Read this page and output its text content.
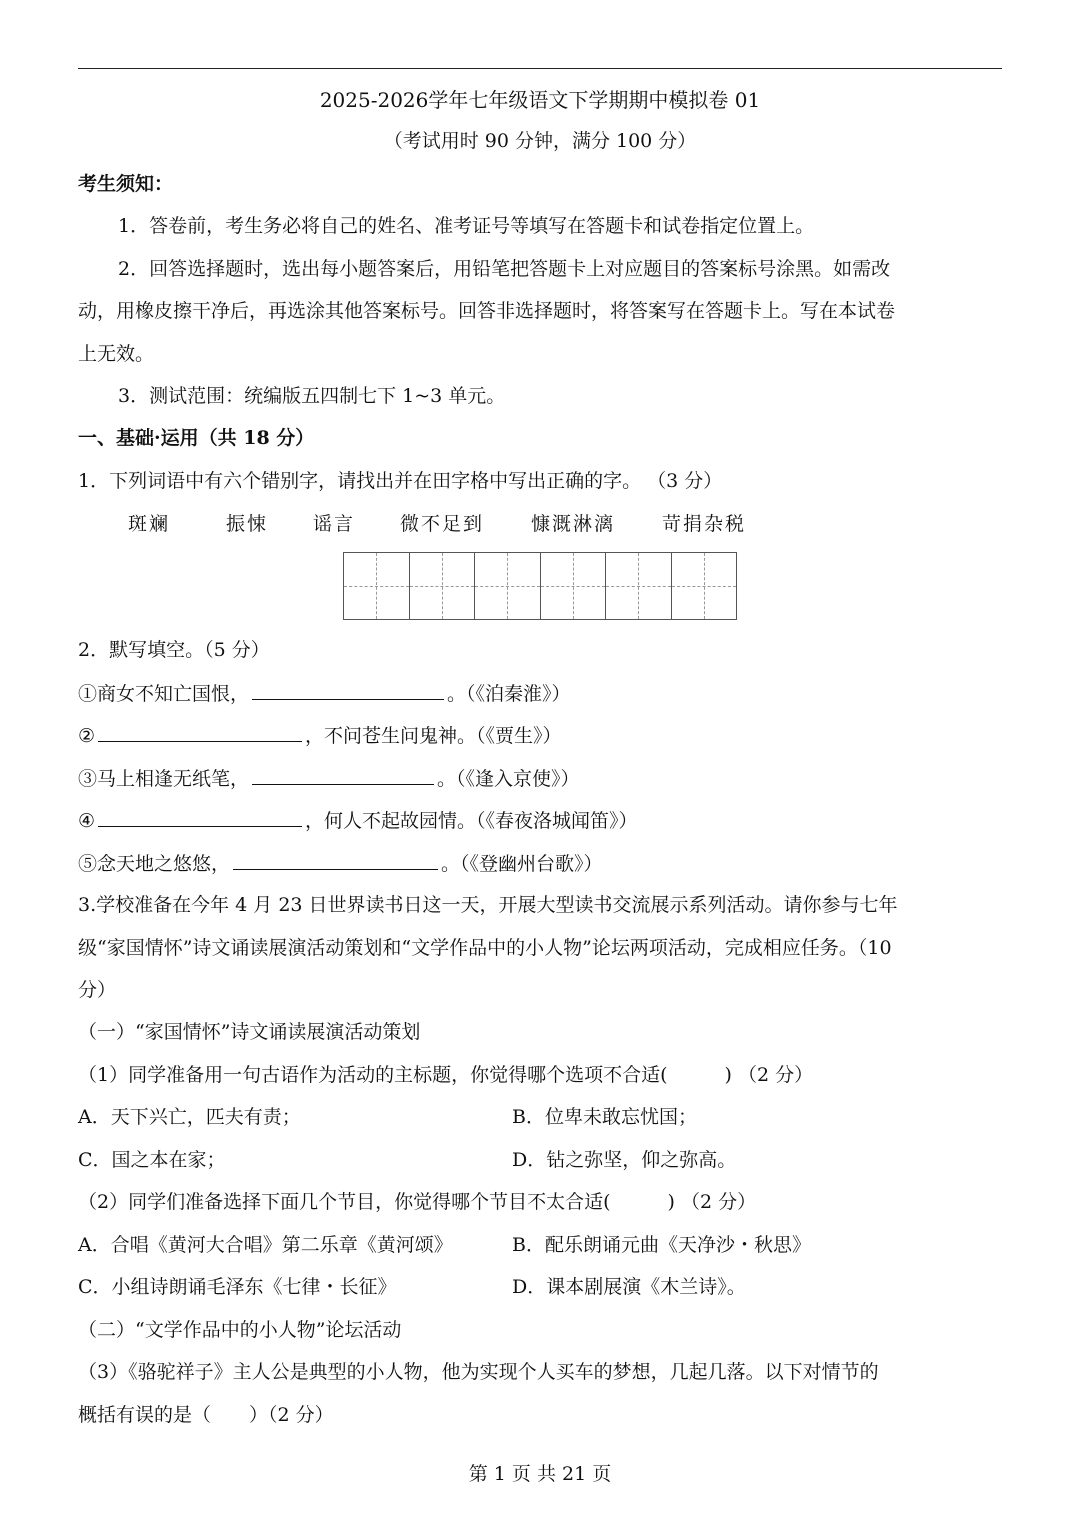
2025-2026学年七年级语文下学期期中模拟卷 01
（考试用时 90 分钟，满分 100 分）
考生须知：
1．答卷前，考生务必将自己的姓名、准考证号等填写在答题卡和试卷指定位置上。
2．回答选择题时，选出每小题答案后，用铅笔把答题卡上对应题目的答案标号涂黑。如需改
动，用橡皮擦干净后，再选涂其他答案标号。回答非选择题时，将答案写在答题卡上。写在本试卷
上无效。
3．测试范围：统编版五四制七下 1~3 单元。
一、基础·运用（共 18 分）
1．下列词语中有六个错别字，请找出并在田字格中写出正确的字。 （3 分）
斑斓	振悚 谣言 微不足到 慷溉淋漓 苛捐杂税
2．默写填空。（5 分）
①商女不知亡国恨，	。（《泊秦淮》）
②	，不问苍生问鬼神。（《贾生》）
③马上相逢无纸笔，	。（《逢入京使》）
④	，何人不起故园情。（《春夜洛城闻笛》）
⑤念天地之悠悠，	。（《登幽州台歌》）
3.学校准备在今年 4 月 23 日世界读书日这一天，开展大型读书交流展示系列活动。请你参与七年
级“家国情怀”诗文诵读展演活动策划和“文学作品中的小人物”论坛两项活动，完成相应任务。（10
分）
（一）“家国情怀”诗文诵读展演活动策划
（1）同学准备用一句古语作为活动的主标题，你觉得哪个选项不合适(　　　) （2 分）
A．天下兴亡，匹夫有责；	B．位卑未敢忘忧国；
C．国之本在家；	D．钻之弥坚，仰之弥高。
（2）同学们准备选择下面几个节目，你觉得哪个节目不太合适(　　　) （2 分）
A．合唱《黄河大合唱》第二乐章《黄河颂》	B．配乐朗诵元曲《天净沙・秋思》
C．小组诗朗诵毛泽东《七律・长征》	D．课本剧展演《木兰诗》。
（二）“文学作品中的小人物”论坛活动
（3）《骆驼祥子》主人公是典型的小人物，他为实现个人买车的梦想，几起几落。以下对情节的
概括有误的是（　　）（2 分）
第 1 页 共 21 页
